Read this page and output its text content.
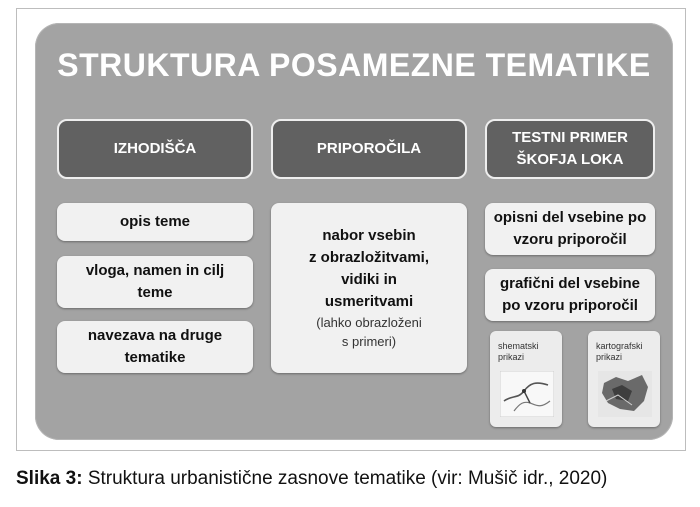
STRUKTURA POSAMEZNE TEMATIKE
IZHODIŠČA	PRIPOROČILA
TESTNI PRIMER
ŠKOFJA LOKA
opis teme
vloga, namen in cilj
teme
navezava na druge
tematike
nabor vsebin
z obrazložitvami,
vidiki in
usmeritvami
(lahko obrazloženi
s primeri)
opisni del vsebine po
vzoru priporočil
grafični del vsebine
po vzoru priporočil
shematski
prikazi
kartografski
prikazi
Slika 3: Strukturа urbanistične zasnove tematike (vir: Mušič idr., 2020)
